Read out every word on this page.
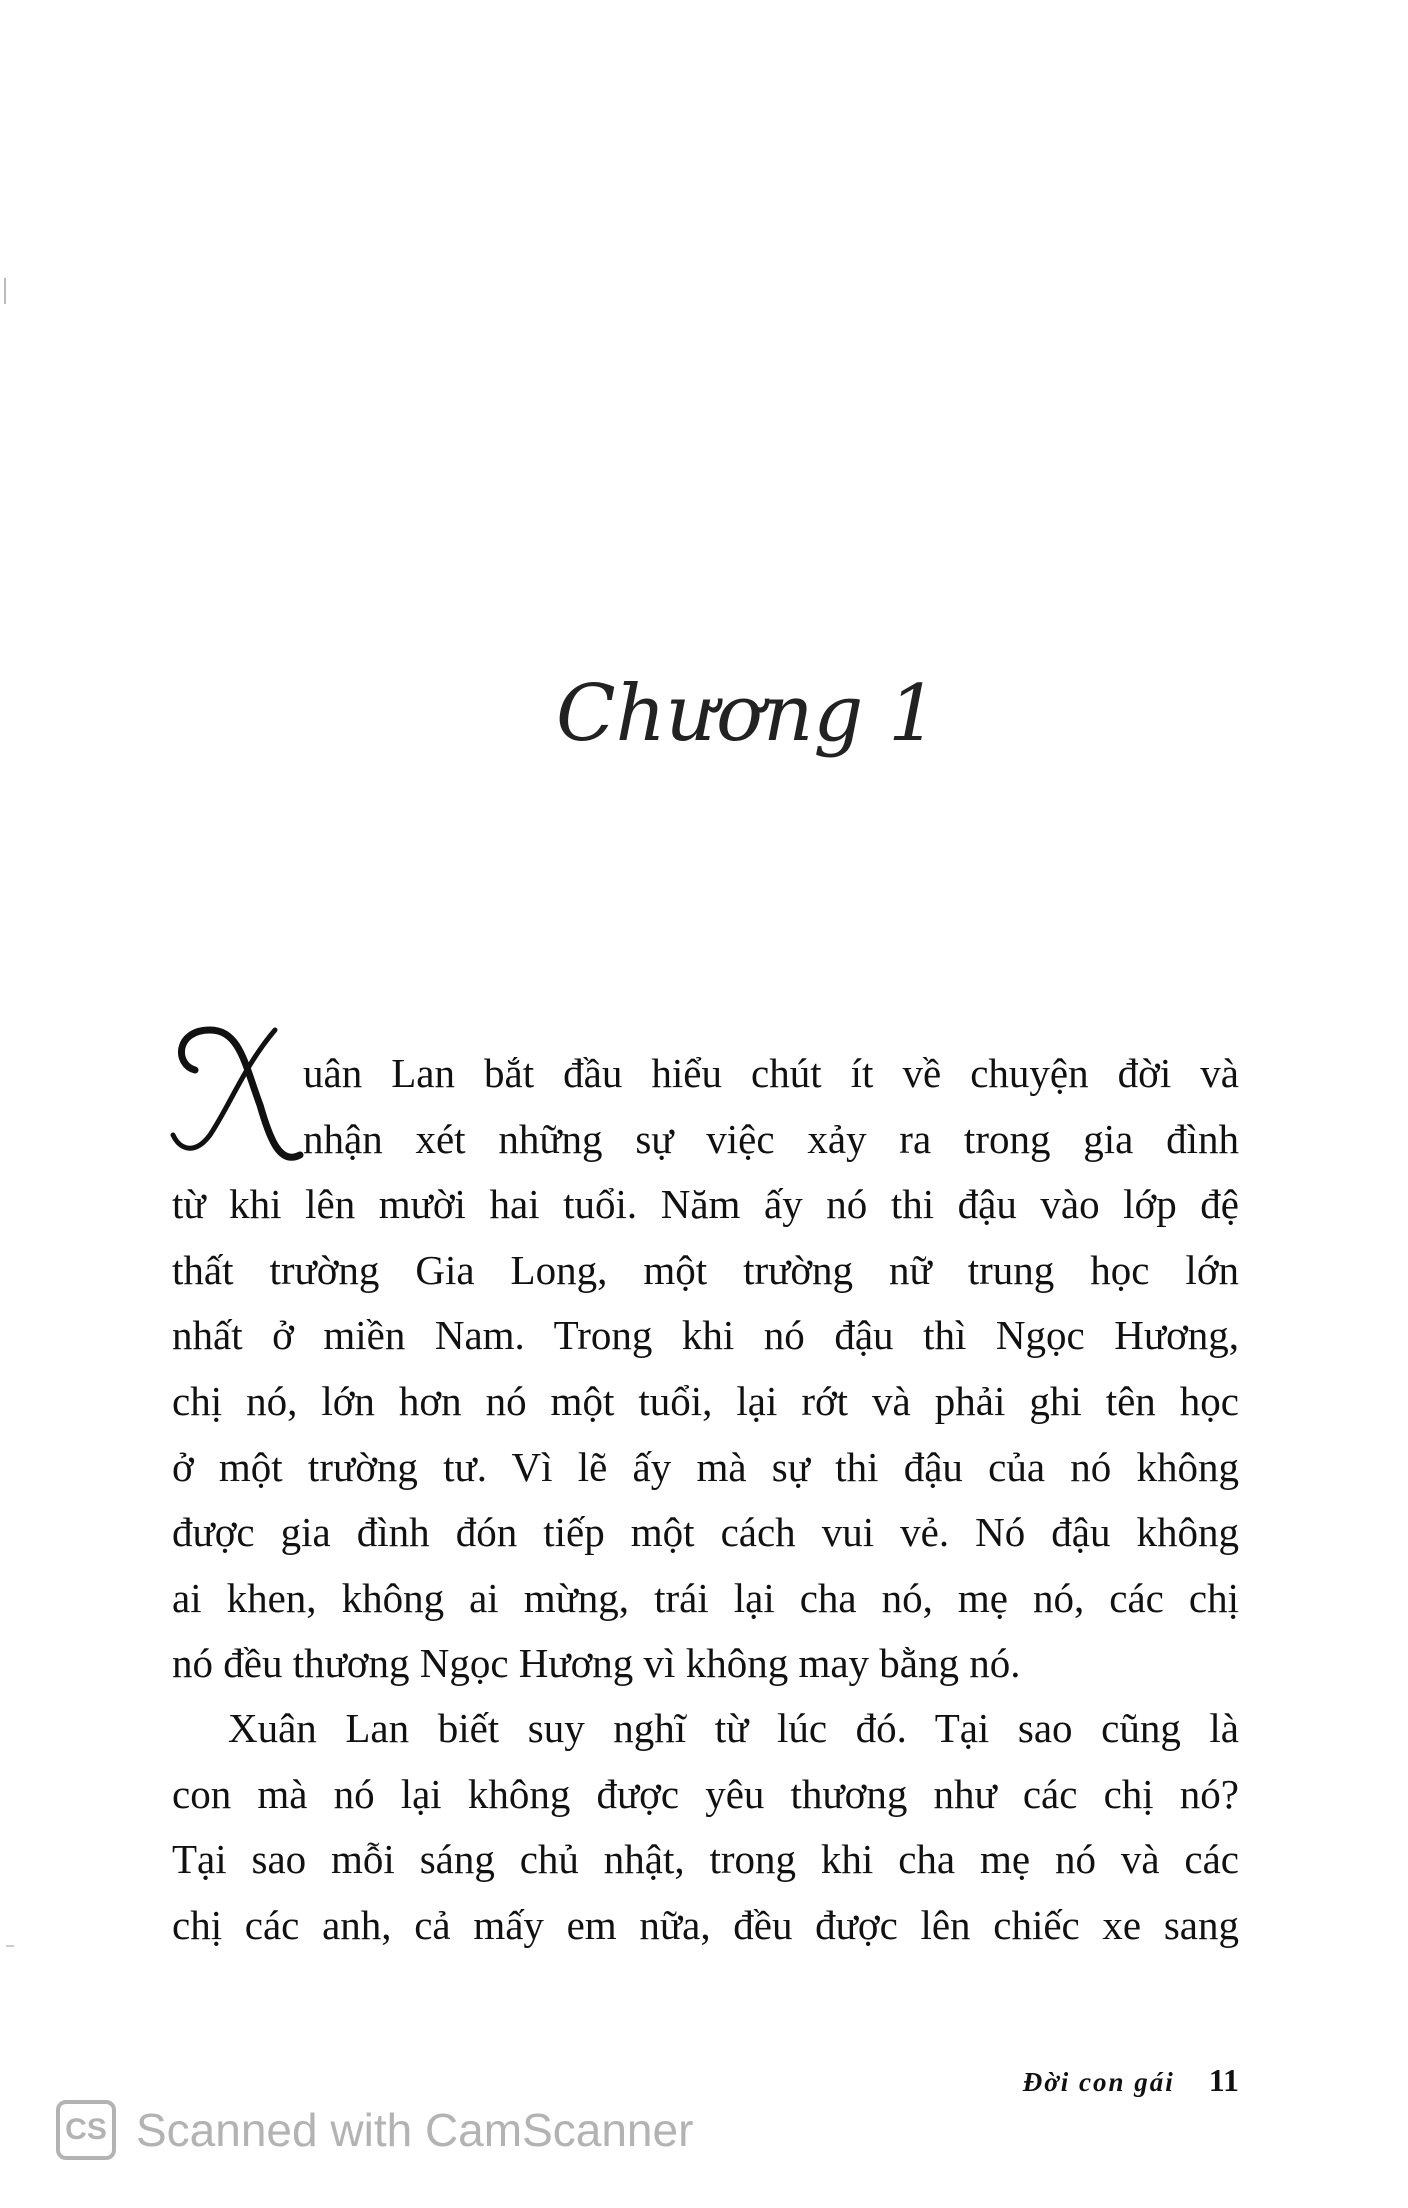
Chương 1
uân Lan bắt đầu hiểu chút ít về chuyện đời và
nhận xét những sự việc xảy ra trong gia đình
từ khi lên mười hai tuổi. Năm ấy nó thi đậu vào lớp đệ
thất trường Gia Long, một trường nữ trung học lớn
nhất ở miền Nam. Trong khi nó đậu thì Ngọc Hương,
chị nó, lớn hơn nó một tuổi, lại rớt và phải ghi tên học
ở một trường tư. Vì lẽ ấy mà sự thi đậu của nó không
được gia đình đón tiếp một cách vui vẻ. Nó đậu không
ai khen, không ai mừng, trái lại cha nó, mẹ nó, các chị
nó đều thương Ngọc Hương vì không may bằng nó.
Xuân Lan biết suy nghĩ từ lúc đó. Tại sao cũng là
con mà nó lại không được yêu thương như các chị nó?
Tại sao mỗi sáng chủ nhật, trong khi cha mẹ nó và các
chị các anh, cả mấy em nữa, đều được lên chiếc xe sang
Đời con gái 11
CS Scanned with CamScanner
